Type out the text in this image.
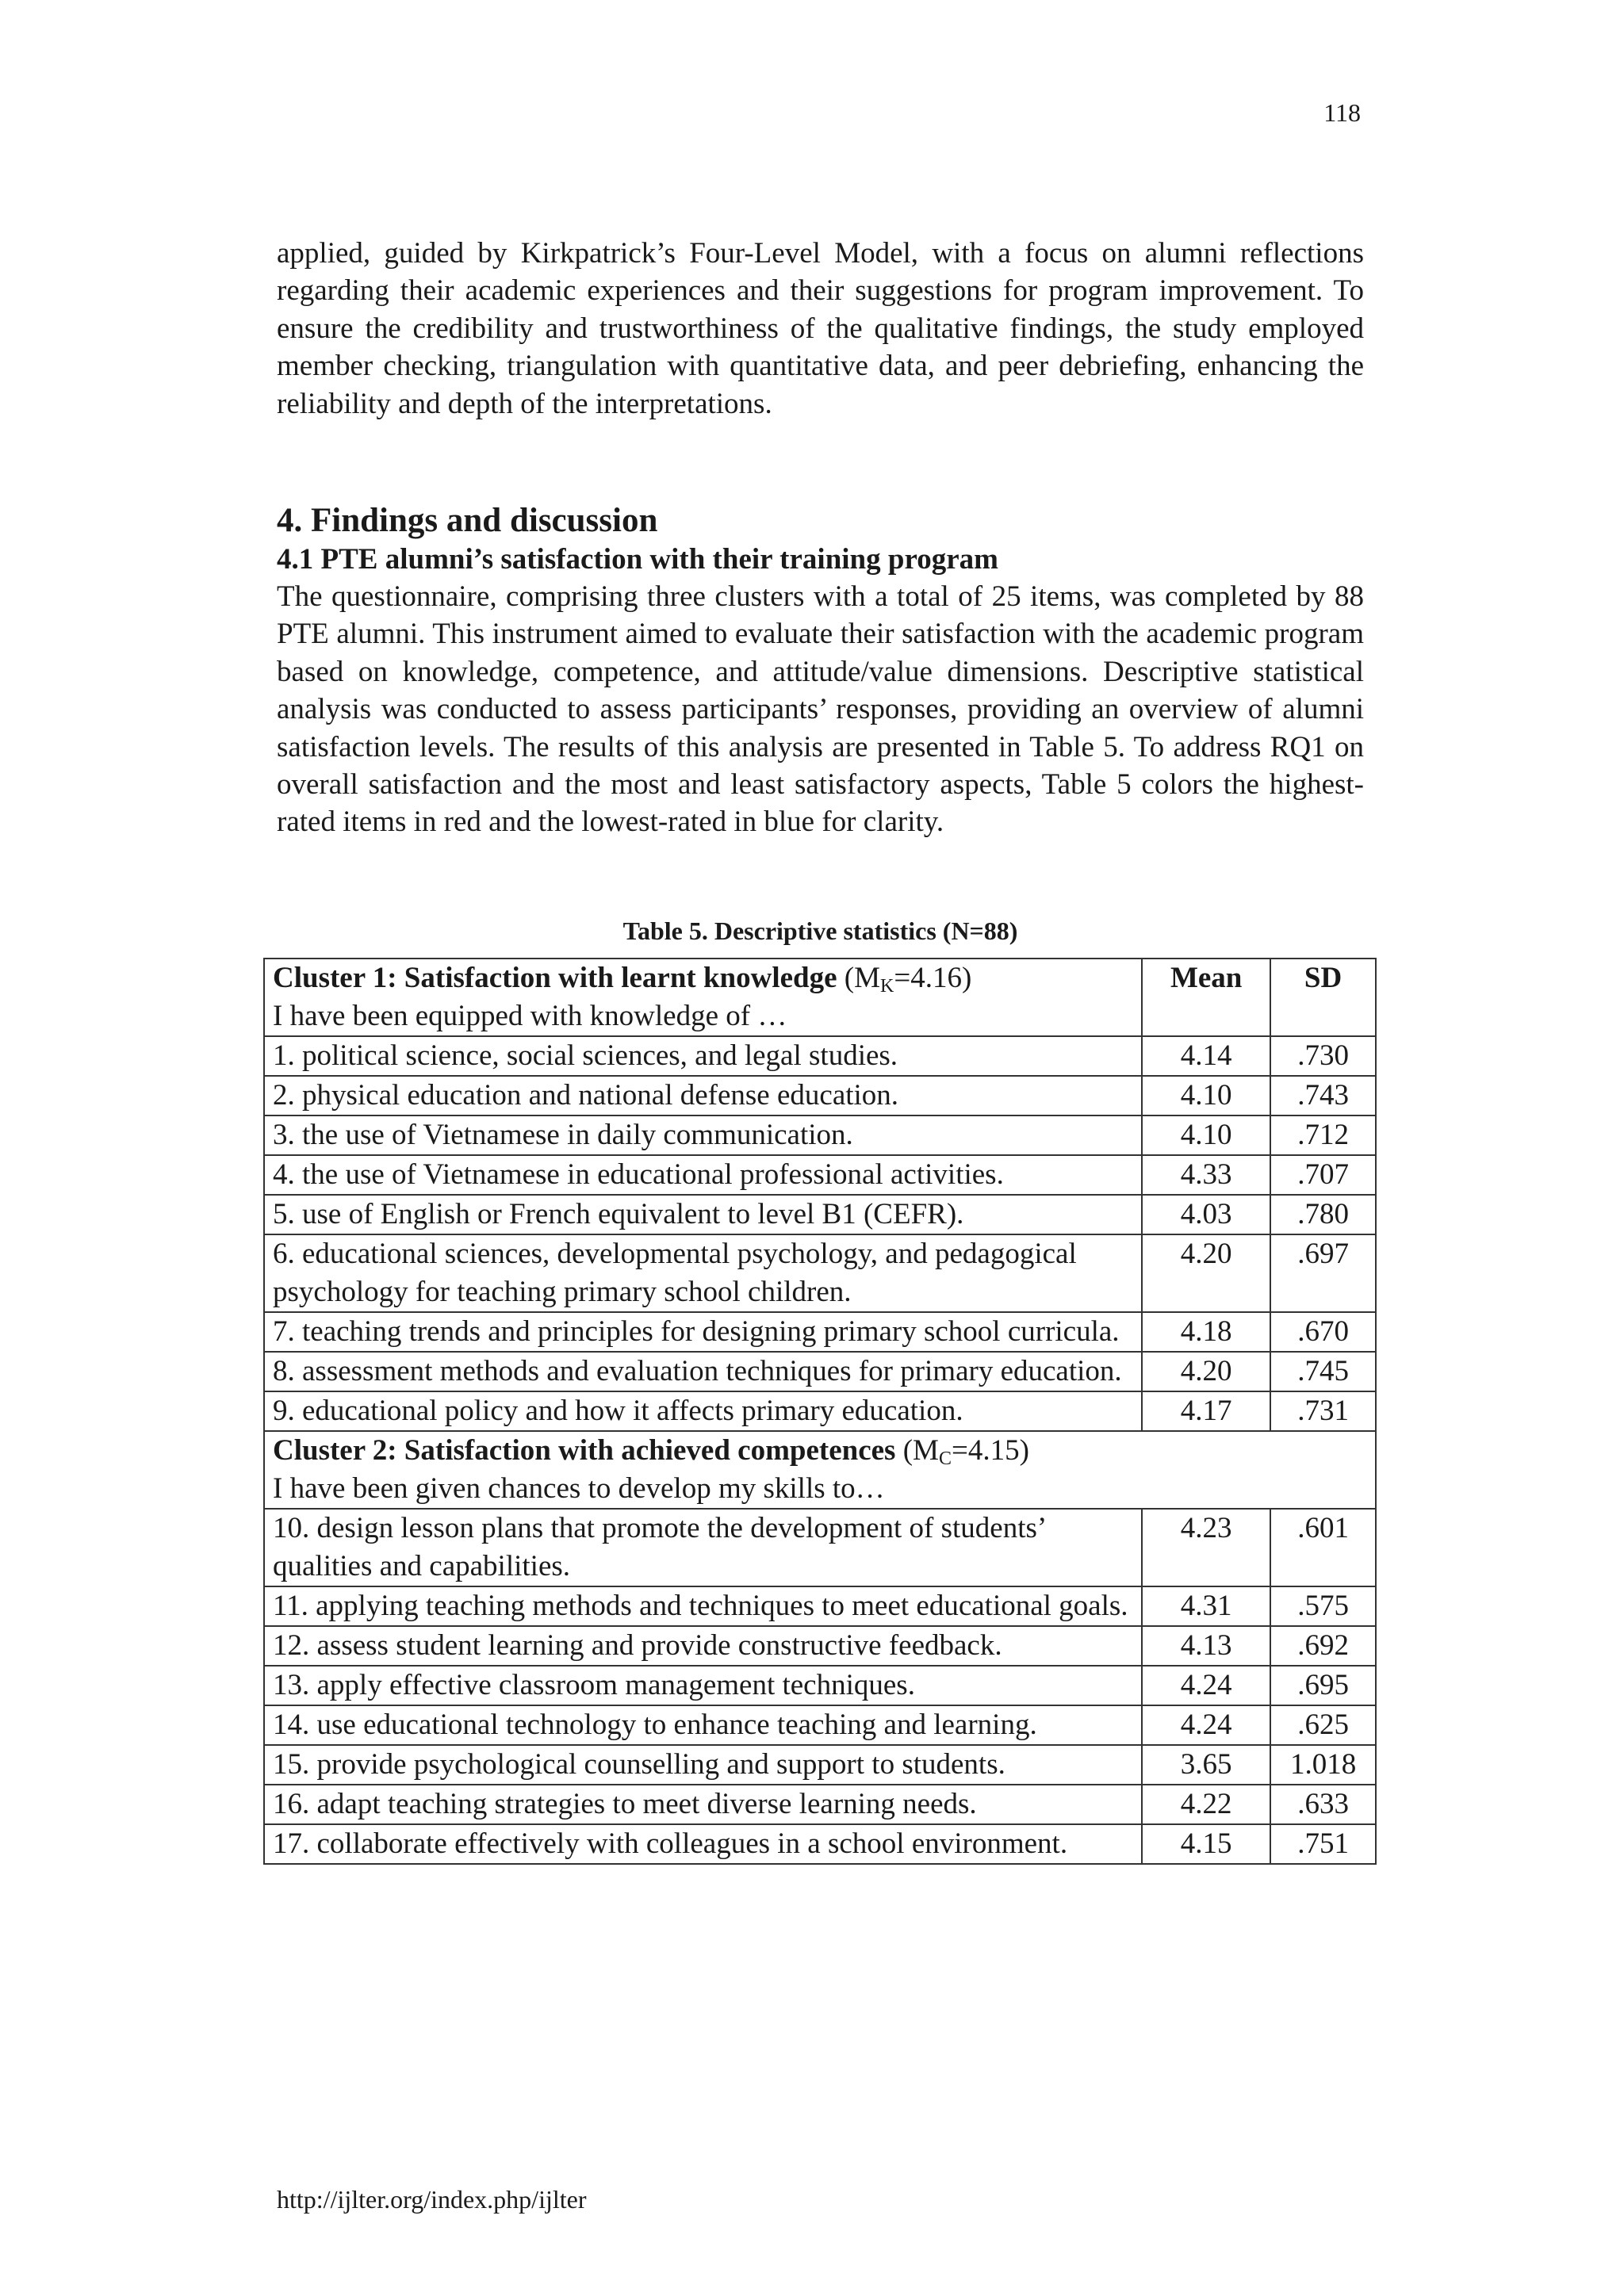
118

applied, guided by Kirkpatrick’s Four-Level Model, with a focus on alumni reflections regarding their academic experiences and their suggestions for program improvement. To ensure the credibility and trustworthiness of the qualitative findings, the study employed member checking, triangulation with quantitative data, and peer debriefing, enhancing the reliability and depth of the interpretations.

4. Findings and discussion
4.1 PTE alumni’s satisfaction with their training program

The questionnaire, comprising three clusters with a total of 25 items, was completed by 88 PTE alumni. This instrument aimed to evaluate their satisfaction with the academic program based on knowledge, competence, and attitude/value dimensions. Descriptive statistical analysis was conducted to assess participants’ responses, providing an overview of alumni satisfaction levels. The results of this analysis are presented in Table 5. To address RQ1 on overall satisfaction and the most and least satisfactory aspects, Table 5 colors the highest-rated items in red and the lowest-rated in blue for clarity.

Table 5. Descriptive statistics (N=88)
Cluster 1: Satisfaction with learnt knowledge $(M_K=4.16)$
I have been equipped with knowledge of …	Mean	SD
1. political science, social sciences, and legal studies.	4.14	.730
2. physical education and national defense education.	4.10	.743
3. the use of Vietnamese in daily communication.	4.10	.712
4. the use of Vietnamese in educational professional activities.	4.33	.707
5. use of English or French equivalent to level B1 (CEFR).	4.03	.780
6. educational sciences, developmental psychology, and pedagogical psychology for teaching primary school children.	4.20	.697
7. teaching trends and principles for designing primary school curricula.	4.18	.670
8. assessment methods and evaluation techniques for primary education.	4.20	.745
9. educational policy and how it affects primary education.	4.17	.731
Cluster 2: Satisfaction with achieved competences $(M_C=4.15)$
I have been given chances to develop my skills to…		
10. design lesson plans that promote the development of students’ qualities and capabilities.	4.23	.601
11. applying teaching methods and techniques to meet educational goals.	4.31	.575
12. assess student learning and provide constructive feedback.	4.13	.692
13. apply effective classroom management techniques.	4.24	.695
14. use educational technology to enhance teaching and learning.	4.24	.625
15. provide psychological counselling and support to students.	3.65	1.018
16. adapt teaching strategies to meet diverse learning needs.	4.22	.633
17. collaborate effectively with colleagues in a school environment.	4.15	.751
http://ijlter.org/index.php/ijlter
